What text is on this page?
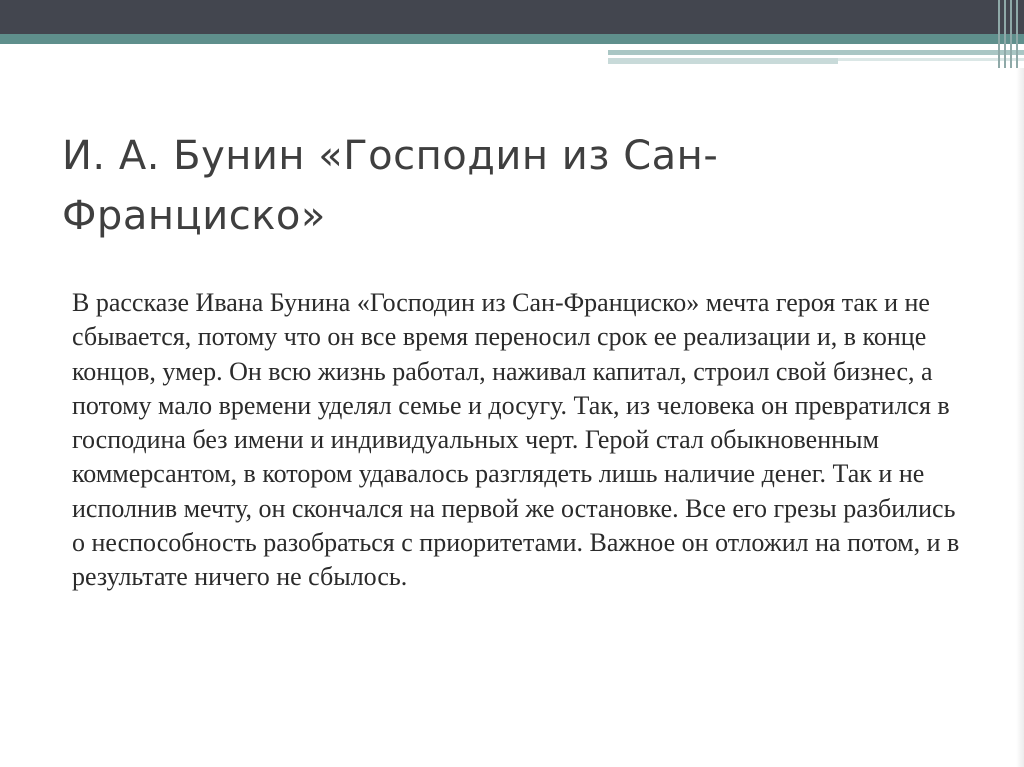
И. А. Бунин «Господин из Сан-Франциско»

В рассказе Ивана Бунина «Господин из Сан-Франциско» мечта героя так и не сбывается, потому что он все время переносил срок ее реализации и, в конце концов, умер. Он всю жизнь работал, наживал капитал, строил свой бизнес, а потому мало времени уделял семье и досугу. Так, из человека он превратился в господина без имени и индивидуальных черт. Герой стал обыкновенным коммерсантом, в котором удавалось разглядеть лишь наличие денег. Так и не исполнив мечту, он скончался на первой же остановке. Все его грезы разбились о неспособность разобраться с приоритетами. Важное он отложил на потом, и в результате ничего не сбылось.
